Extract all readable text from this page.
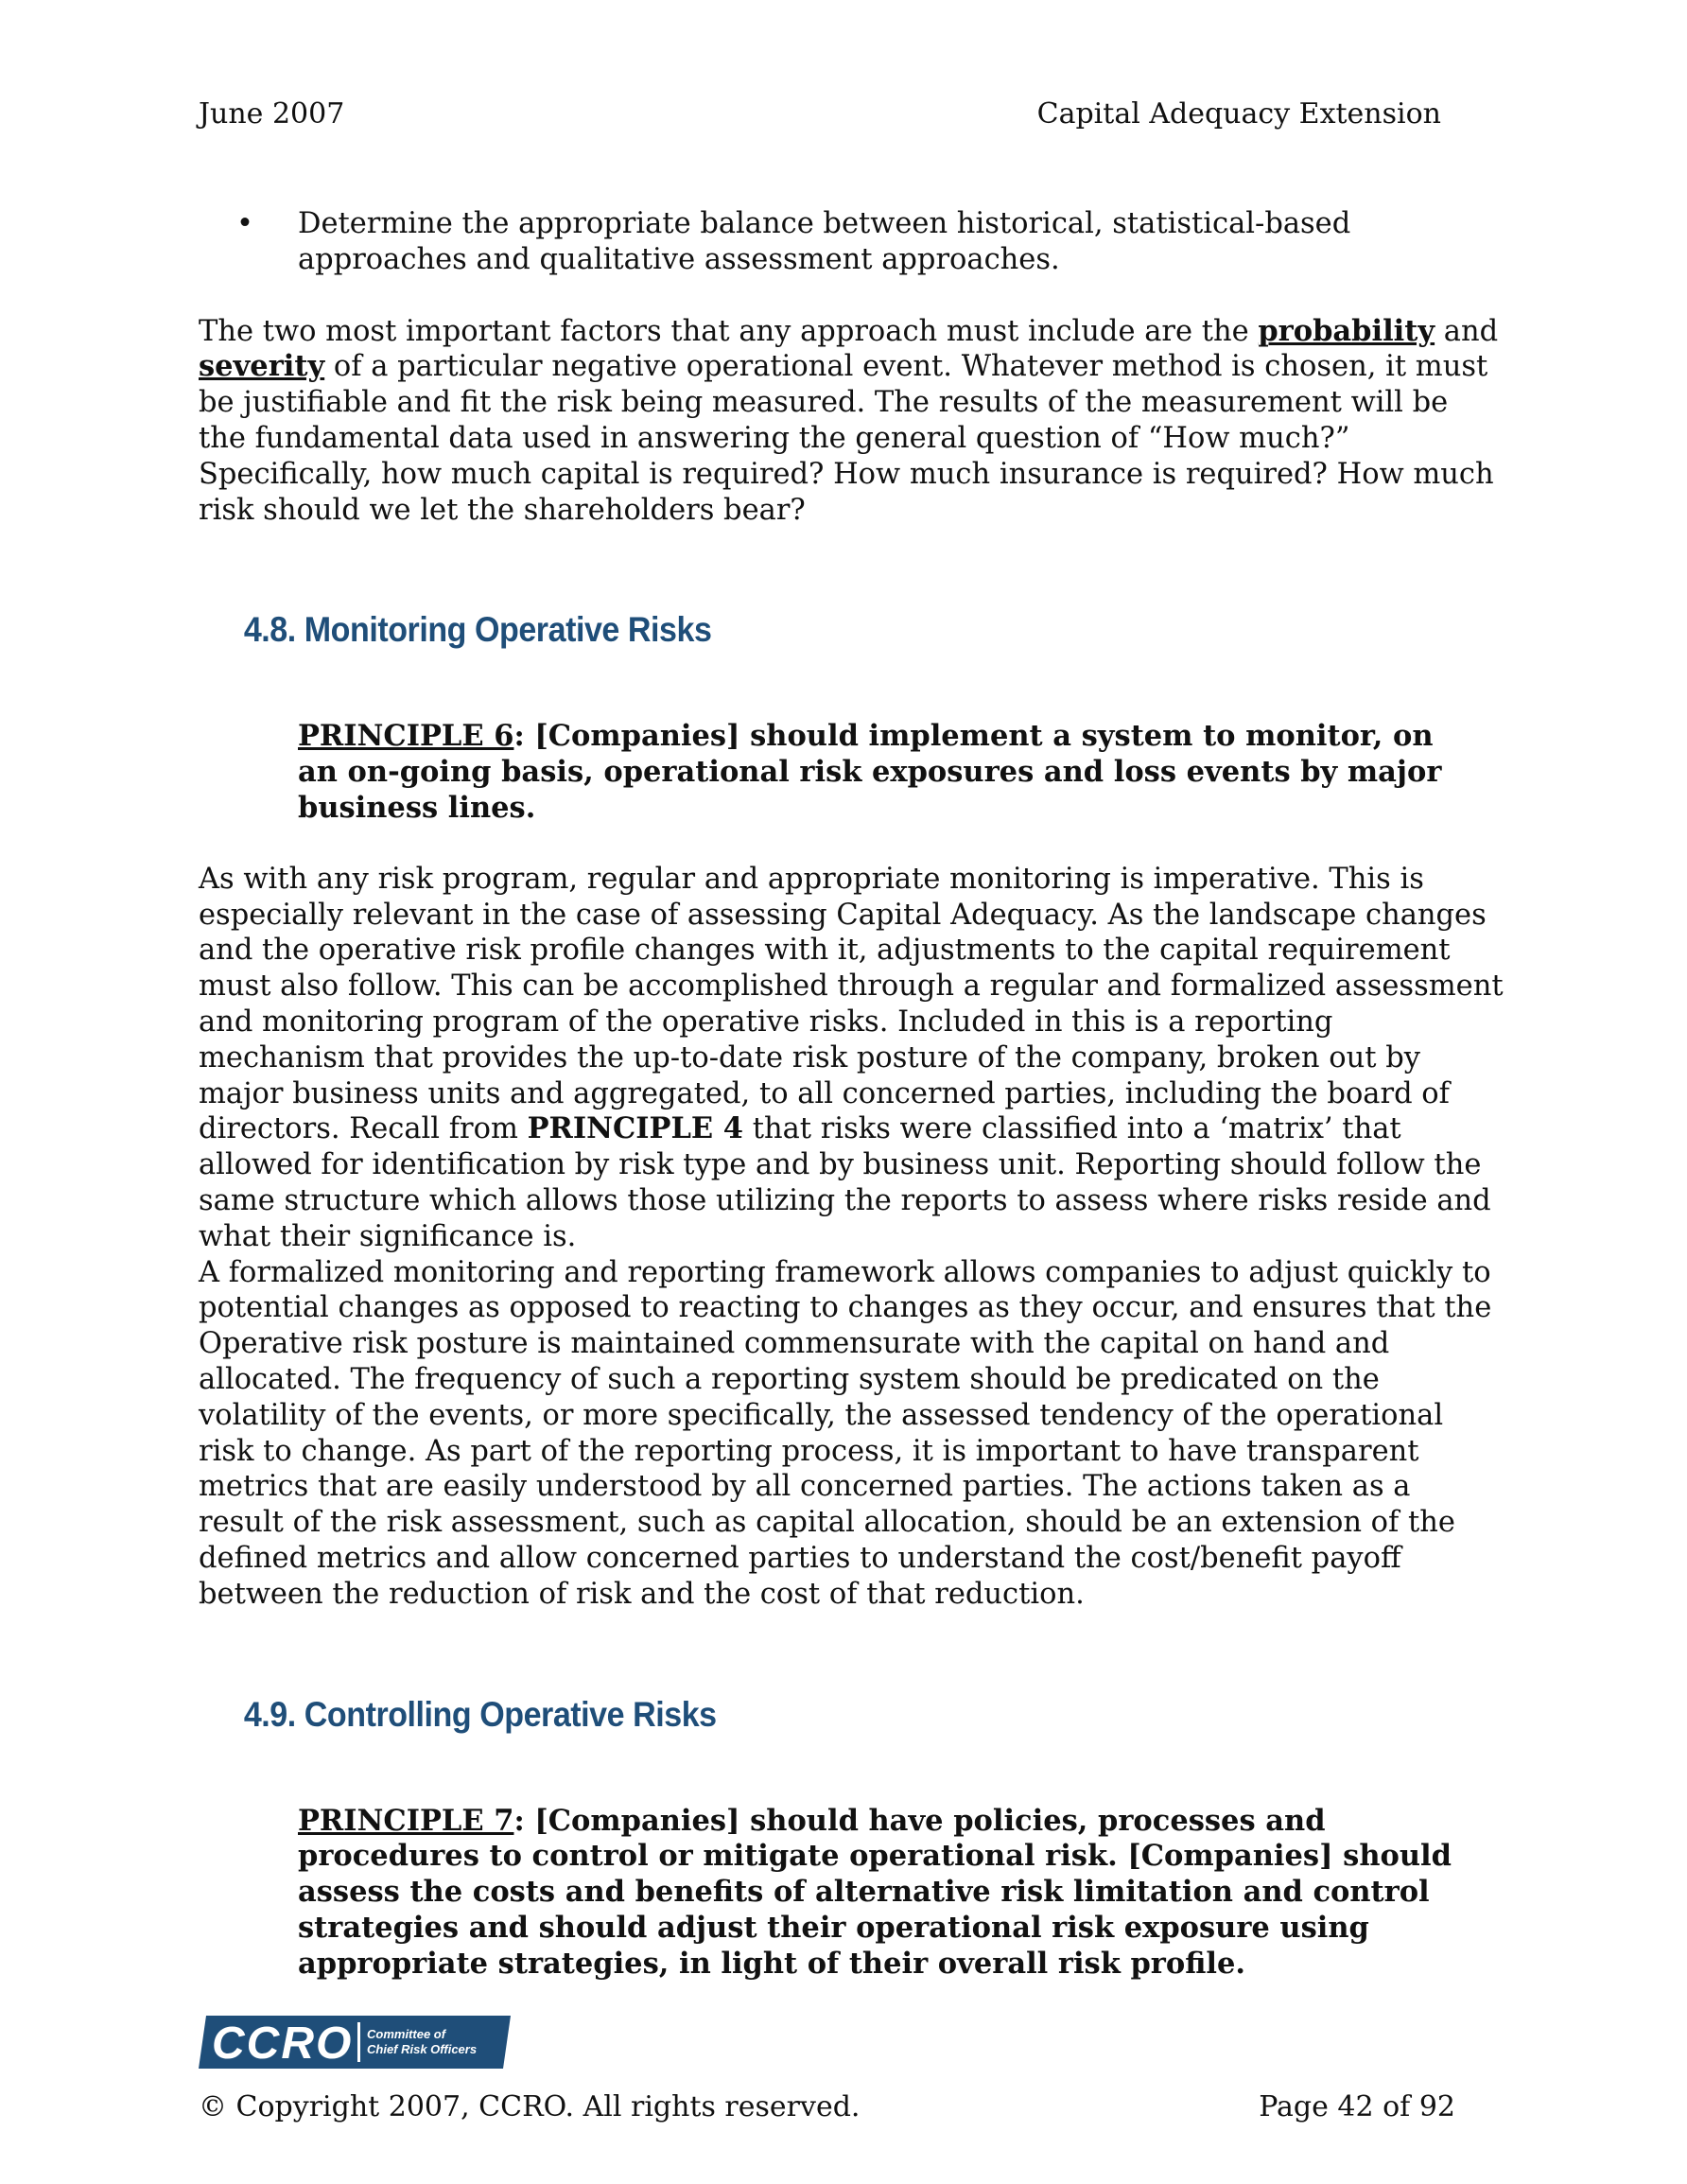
June 2007	Capital Adequacy Extension
• Determine the appropriate balance between historical, statistical-based approaches and qualitative assessment approaches.

The two most important factors that any approach must include are the probability and severity of a particular negative operational event. Whatever method is chosen, it must be justifiable and fit the risk being measured. The results of the measurement will be the fundamental data used in answering the general question of “How much?” Specifically, how much capital is required? How much insurance is required? How much risk should we let the shareholders bear?

4.8. Monitoring Operative Risks

PRINCIPLE 6: [Companies] should implement a system to monitor, on an on-going basis, operational risk exposures and loss events by major business lines.

As with any risk program, regular and appropriate monitoring is imperative. This is especially relevant in the case of assessing Capital Adequacy. As the landscape changes and the operative risk profile changes with it, adjustments to the capital requirement must also follow. This can be accomplished through a regular and formalized assessment and monitoring program of the operative risks. Included in this is a reporting mechanism that provides the up-to-date risk posture of the company, broken out by major business units and aggregated, to all concerned parties, including the board of directors. Recall from PRINCIPLE 4 that risks were classified into a ‘matrix’ that allowed for identification by risk type and by business unit. Reporting should follow the same structure which allows those utilizing the reports to assess where risks reside and what their significance is.

A formalized monitoring and reporting framework allows companies to adjust quickly to potential changes as opposed to reacting to changes as they occur, and ensures that the Operative risk posture is maintained commensurate with the capital on hand and allocated. The frequency of such a reporting system should be predicated on the volatility of the events, or more specifically, the assessed tendency of the operational risk to change. As part of the reporting process, it is important to have transparent metrics that are easily understood by all concerned parties. The actions taken as a result of the risk assessment, such as capital allocation, should be an extension of the defined metrics and allow concerned parties to understand the cost/benefit payoff between the reduction of risk and the cost of that reduction.

4.9. Controlling Operative Risks

PRINCIPLE 7: [Companies] should have policies, processes and procedures to control or mitigate operational risk. [Companies] should assess the costs and benefits of alternative risk limitation and control strategies and should adjust their operational risk exposure using appropriate strategies, in light of their overall risk profile.

CCRO Committee of
Chief Risk Officers
© Copyright 2007, CCRO. All rights reserved.	Page 42 of 92
